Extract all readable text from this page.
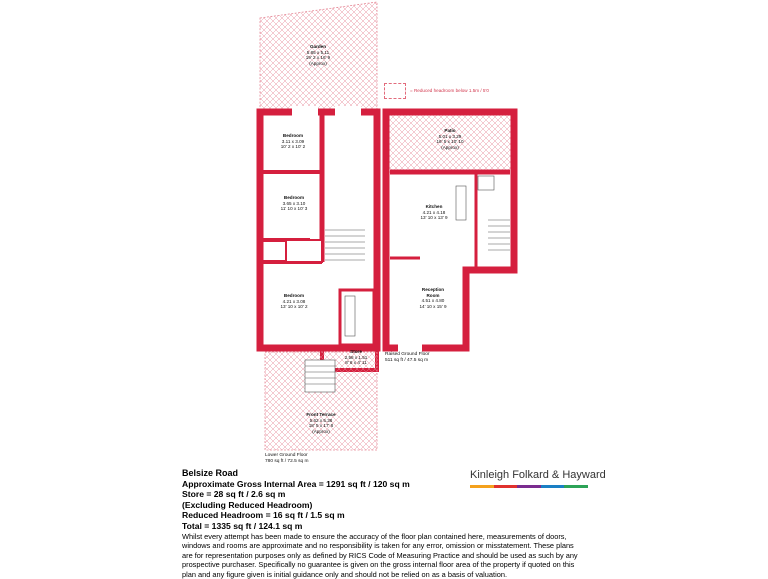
= Reduced headroom below 1.5m / 5'0
Garden
5.85 x 5.11
19' 2 x 16' 9
(Approx)
Bedroom
3.11 x 3.09
10' 2 x 10' 2
Bedroom
3.65 x 3.10
11' 10 x 10' 3
Bedroom
4.21 x 3.08
13' 10 x 10' 2
Store
2.58 x 1.51
8' 6 x 4' 11
Front Terrace
5.62 x 5.38
18' 5 x 17' 8
(Approx)
Patio
5.01 x 3.29
16' 5 x 10' 10
(Approx)
Kitchen
4.21 x 4.18
13' 10 x 13' 9
Reception
Room
4.51 x 4.80
14' 10 x 15' 9
Lower Ground Floor
780 sq ft / 72.5 sq m
Raised Ground Floor
511 sq ft / 47.5 sq m
Belsize Road
Approximate Gross Internal Area = 1291 sq ft / 120 sq m
Store = 28 sq ft / 2.6 sq m
(Excluding Reduced Headroom)
Reduced Headroom = 16 sq ft / 1.5 sq m
Total = 1335 sq ft / 124.1 sq m
Whilst every attempt has been made to ensure the accuracy of the floor plan contained here, measurements of doors, windows and rooms are approximate and no responsibility is taken for any error, omission or misstatement. These plans are for representation purposes only as defined by RICS Code of Measuring Practice and should be used as such by any prospective purchaser. Specifically no guarantee is given on the gross internal floor area of the property if quoted on this plan and any figure given is initial guidance only and should not be relied on as a basis of valuation.
Kinleigh Folkard & Hayward
